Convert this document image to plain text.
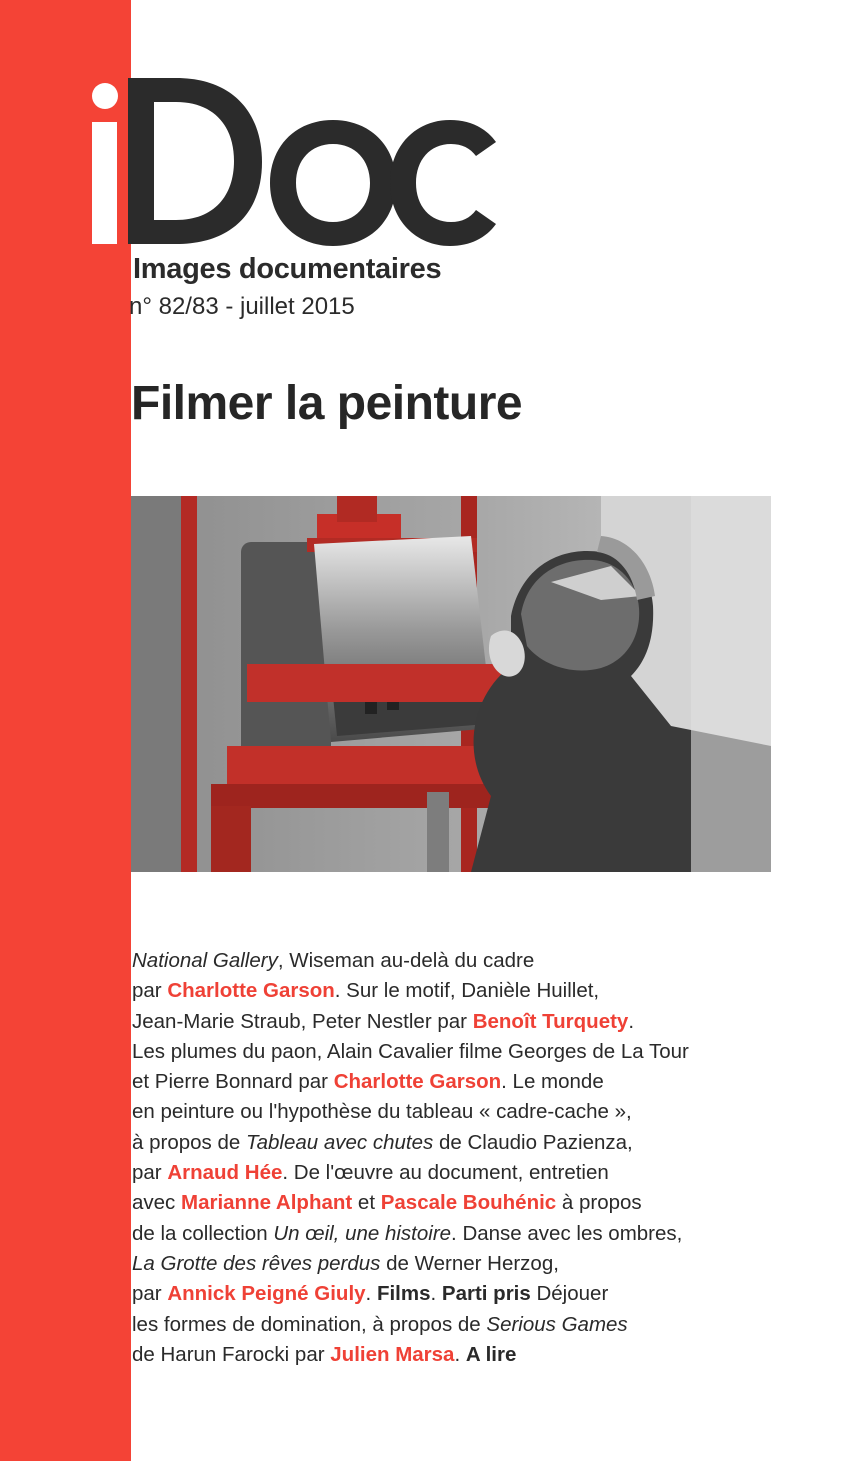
Images documentaires
n° 82/83 - juillet 2015
Filmer la peinture
National Gallery, Wiseman au-delà du cadre
par Charlotte Garson. Sur le motif, Danièle Huillet,
Jean-Marie Straub, Peter Nestler par Benoît Turquety.
Les plumes du paon, Alain Cavalier filme Georges de La Tour
et Pierre Bonnard par Charlotte Garson. Le monde
en peinture ou l'hypothèse du tableau « cadre-cache »,
à propos de Tableau avec chutes de Claudio Pazienza,
par Arnaud Hée. De l'œuvre au document, entretien
avec Marianne Alphant et Pascale Bouhénic à propos
de la collection Un œil, une histoire. Danse avec les ombres,
La Grotte des rêves perdus de Werner Herzog,
par Annick Peigné Giuly. Films. Parti pris Déjouer
les formes de domination, à propos de Serious Games
de Harun Farocki par Julien Marsa. A lire
